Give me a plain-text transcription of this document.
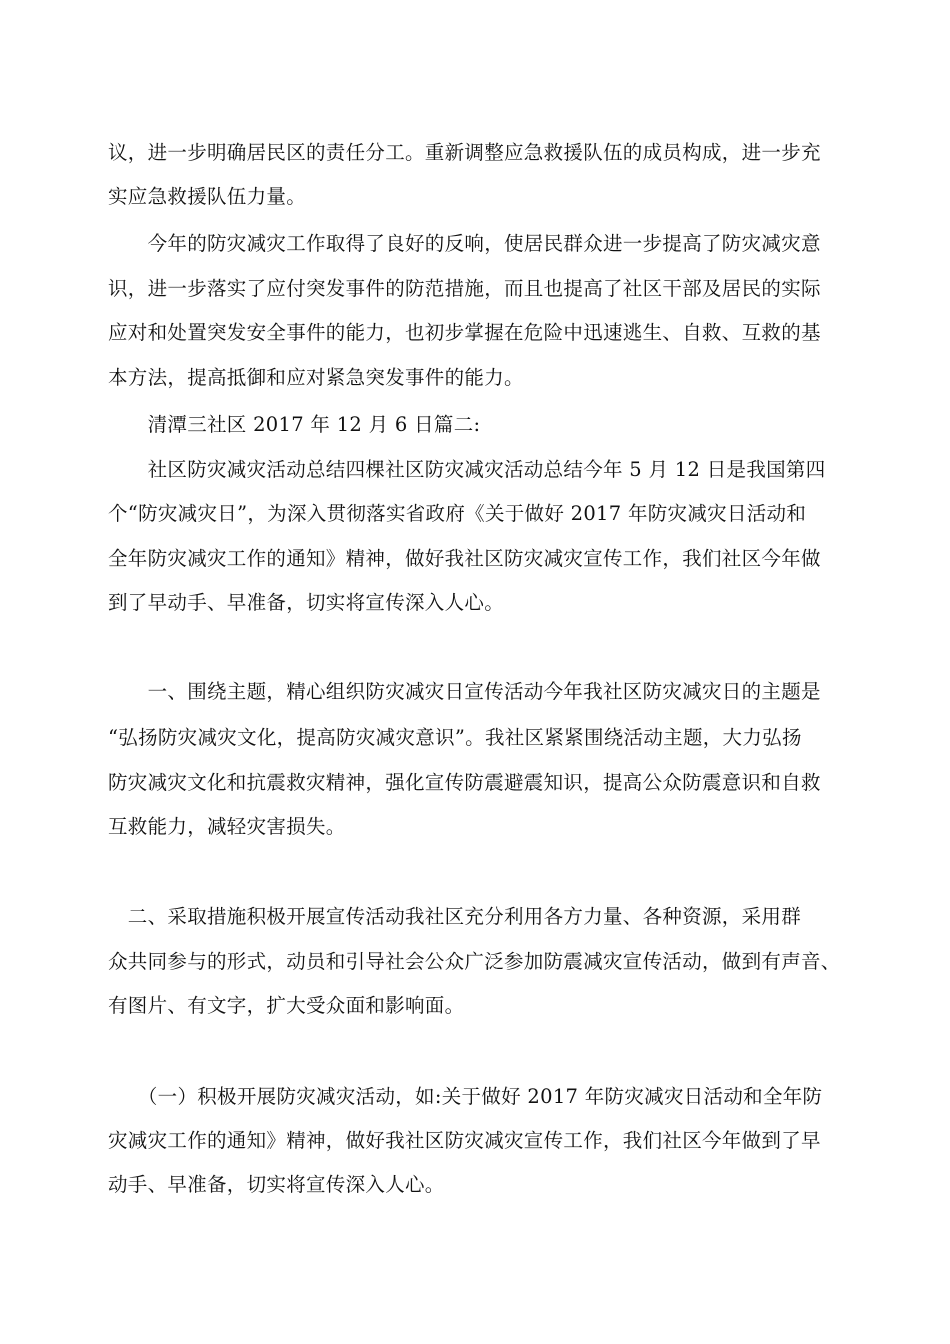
议，进一步明确居民区的责任分工。重新调整应急救援队伍的成员构成，进一步充
实应急救援队伍力量。
　　今年的防灾减灾工作取得了良好的反响，使居民群众进一步提高了防灾减灾意
识，进一步落实了应付突发事件的防范措施，而且也提高了社区干部及居民的实际
应对和处置突发安全事件的能力，也初步掌握在危险中迅速逃生、自救、互救的基
本方法，提高抵御和应对紧急突发事件的能力。
　　清潭三社区 2017 年 12 月 6 日篇二:
　　社区防灾减灾活动总结四棵社区防灾减灾活动总结今年 5 月 12 日是我国第四
个“防灾减灾日”，为深入贯彻落实省政府《关于做好 2017 年防灾减灾日活动和
全年防灾减灾工作的通知》精神，做好我社区防灾减灾宣传工作，我们社区今年做
到了早动手、早准备，切实将宣传深入人心。
　　一、围绕主题，精心组织防灾减灾日宣传活动今年我社区防灾减灾日的主题是
“弘扬防灾减灾文化，提高防灾减灾意识”。我社区紧紧围绕活动主题，大力弘扬
防灾减灾文化和抗震救灾精神，强化宣传防震避震知识，提高公众防震意识和自救
互救能力，减轻灾害损失。
　二、采取措施积极开展宣传活动我社区充分利用各方力量、各种资源，采用群
众共同参与的形式，动员和引导社会公众广泛参加防震减灾宣传活动，做到有声音、
有图片、有文字，扩大受众面和影响面。
　　（一）积极开展防灾减灾活动，如:关于做好 2017 年防灾减灾日活动和全年防
灾减灾工作的通知》精神，做好我社区防灾减灾宣传工作，我们社区今年做到了早
动手、早准备，切实将宣传深入人心。
